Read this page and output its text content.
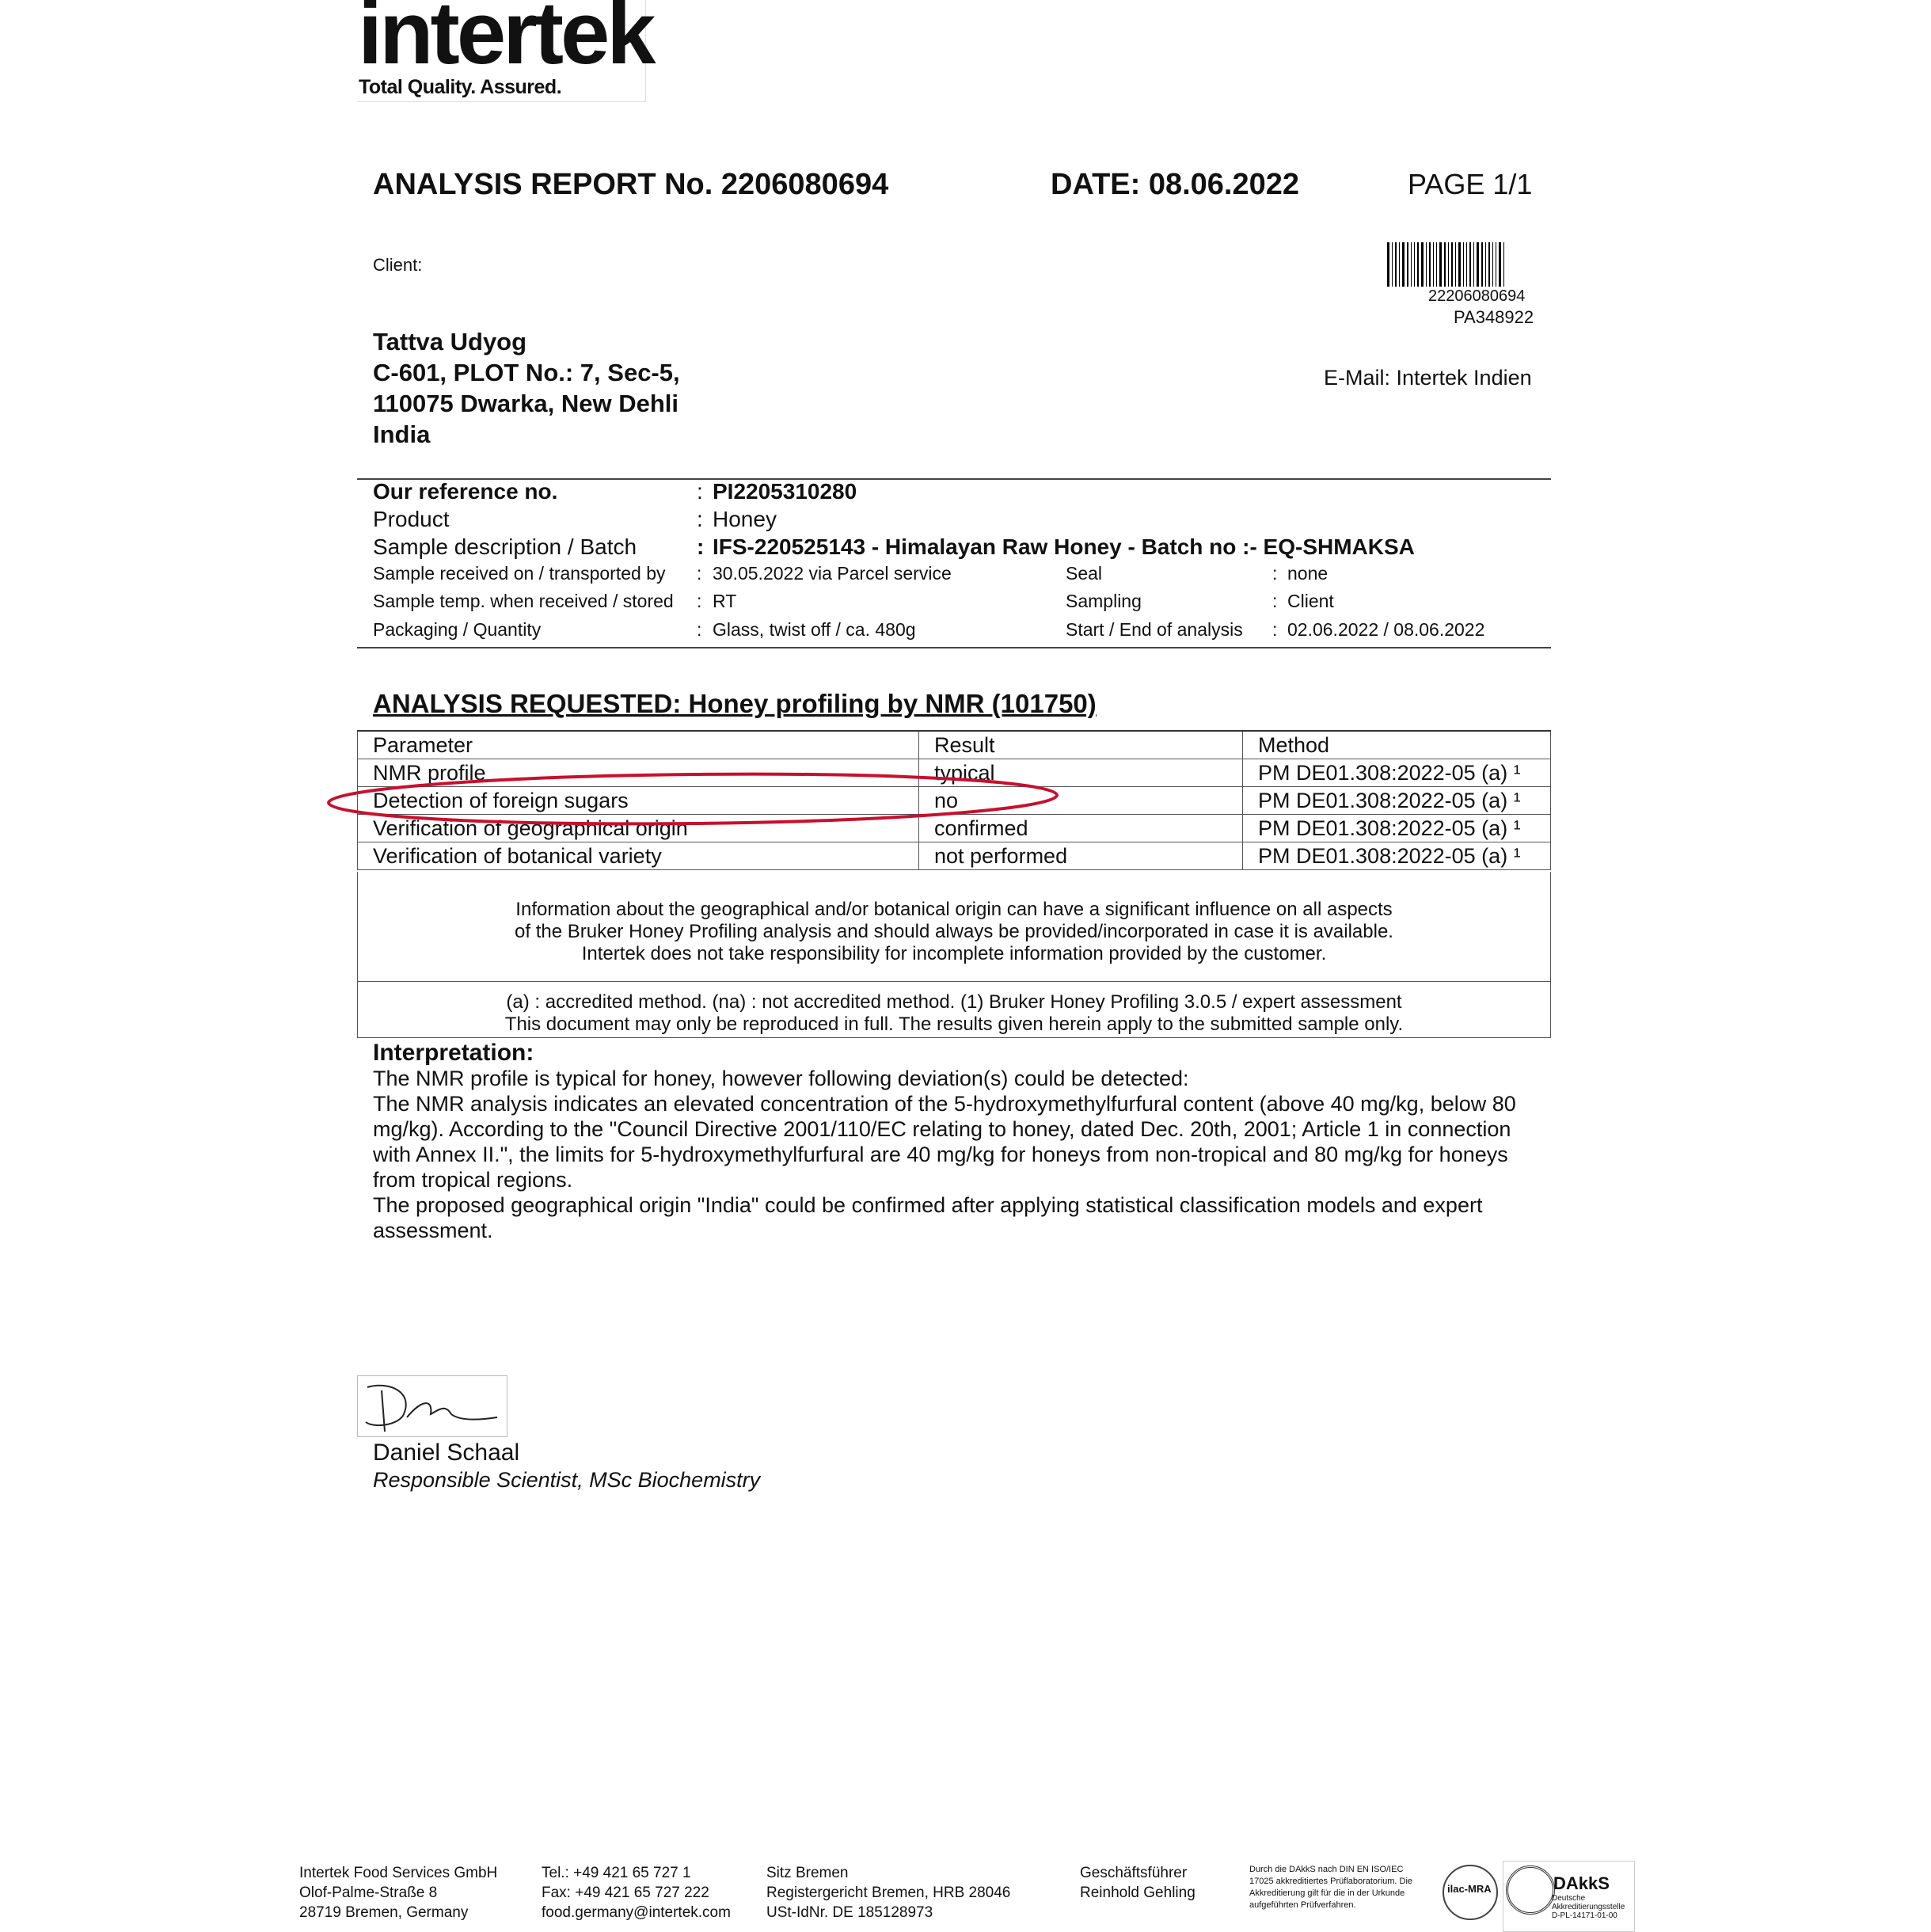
intertek
Total Quality. Assured.
ANALYSIS REPORT No. 2206080694	DATE: 08.06.2022	PAGE 1/1
22206080694
PA348922
Client:
Tattva Udyog
C-601, PLOT No.: 7, Sec-5,
110075 Dwarka, New Dehli
India
E-Mail: Intertek Indien
Our reference no.	: PI2205310280
Product	: Honey
Sample description / Batch	: IFS-220525143 - Himalayan Raw Honey - Batch no :- EQ-SHMAKSA
Sample received on / transported by : 30.05.2022 via Parcel service	Seal	: none
Sample temp. when received / stored : RT	Sampling	: Client
Packaging / Quantity	: Glass, twist off / ca. 480g	Start / End of analysis : 02.06.2022 / 08.06.2022
ANALYSIS REQUESTED: Honey profiling by NMR (101750)
Parameter	Result	Method
NMR profile	typical	PM DE01.308:2022-05 (a) ¹
Detection of foreign sugars	no	PM DE01.308:2022-05 (a) ¹
Verification of geographical origin	confirmed	PM DE01.308:2022-05 (a) ¹
Verification of botanical variety	not performed	PM DE01.308:2022-05 (a) ¹
Information about the geographical and/or botanical origin can have a significant influence on all aspects
of the Bruker Honey Profiling analysis and should always be provided/incorporated in case it is available.
Intertek does not take responsibility for incomplete information provided by the customer.
(a) : accredited method. (na) : not accredited method. (1) Bruker Honey Profiling 3.0.5 / expert assessment
This document may only be reproduced in full. The results given herein apply to the submitted sample only.
Interpretation:

The NMR profile is typical for honey, however following deviation(s) could be detected:

The NMR analysis indicates an elevated concentration of the 5-hydroxymethylfurfural content (above 40 mg/kg, below 80 mg/kg). According to the "Council Directive 2001/110/EC relating to honey, dated Dec. 20th, 2001; Article 1 in connection with Annex II.", the limits for 5-hydroxymethylfurfural are 40 mg/kg for honeys from non-tropical and 80 mg/kg for honeys from tropical regions.

The proposed geographical origin "India" could be confirmed after applying statistical classification models and expert assessment.

Daniel Schaal
Responsible Scientist, MSc Biochemistry
Intertek Food Services GmbH
Olof-Palme-Straße 8
28719 Bremen, Germany
Tel.: +49 421 65 727 1
Fax: +49 421 65 727 222
food.germany@intertek.com
Sitz Bremen
Registergericht Bremen, HRB 28046
USt-IdNr. DE 185128973
Geschäftsführer
Reinhold Gehling
Durch die DAkkS nach DIN EN ISO/IEC 17025 akkreditiertes Prüflaboratorium. Die Akkreditierung gilt für die in der Urkunde aufgeführten Prüfverfahren.
ilac-MRA	DAkkS
Deutsche Akkreditierungsstelle D-PL-14171-01-00
